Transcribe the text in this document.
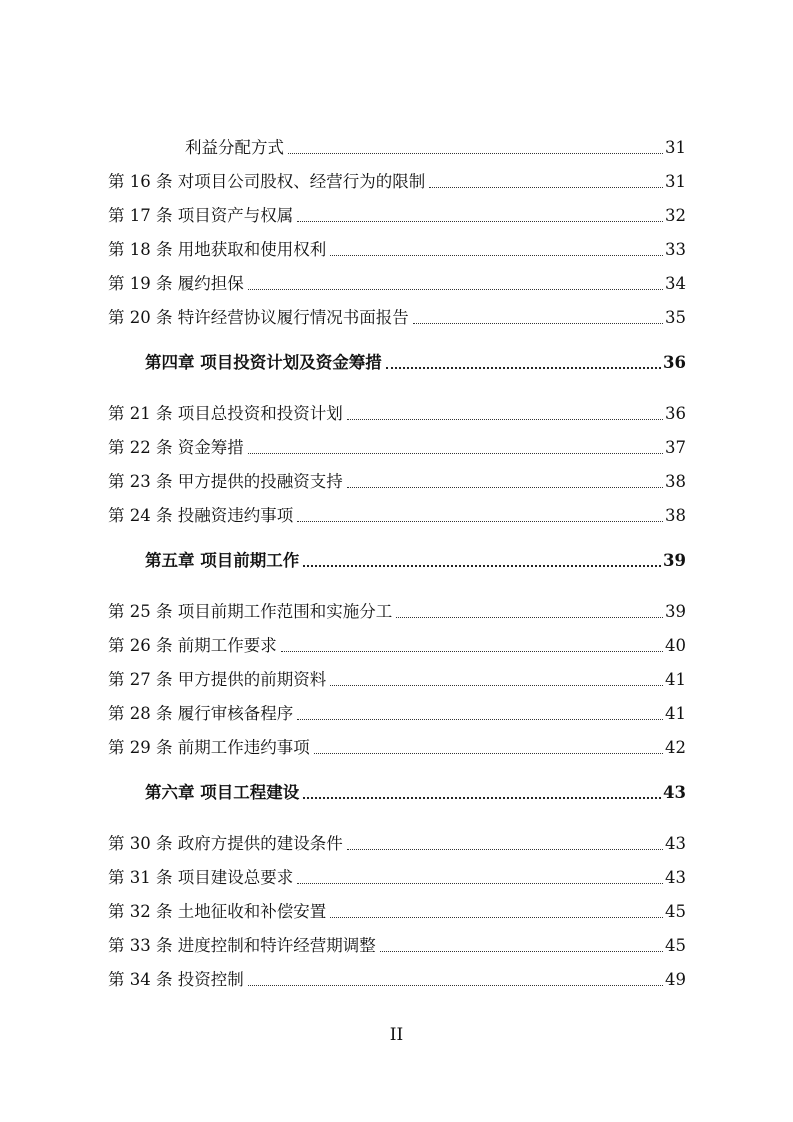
利益分配方式	31
第 16 条 对项目公司股权、经营行为的限制	31
第 17 条 项目资产与权属	32
第 18 条 用地获取和使用权利	33
第 19 条 履约担保	34
第 20 条 特许经营协议履行情况书面报告	35
第四章 项目投资计划及资金筹措	36
第 21 条 项目总投资和投资计划	36
第 22 条 资金筹措	37
第 23 条 甲方提供的投融资支持	38
第 24 条 投融资违约事项	38
第五章 项目前期工作	39
第 25 条 项目前期工作范围和实施分工	39
第 26 条 前期工作要求	40
第 27 条 甲方提供的前期资料	41
第 28 条 履行审核备程序	41
第 29 条 前期工作违约事项	42
第六章 项目工程建设	43
第 30 条 政府方提供的建设条件	43
第 31 条 项目建设总要求	43
第 32 条 土地征收和补偿安置	45
第 33 条 进度控制和特许经营期调整	45
第 34 条 投资控制	49
II
